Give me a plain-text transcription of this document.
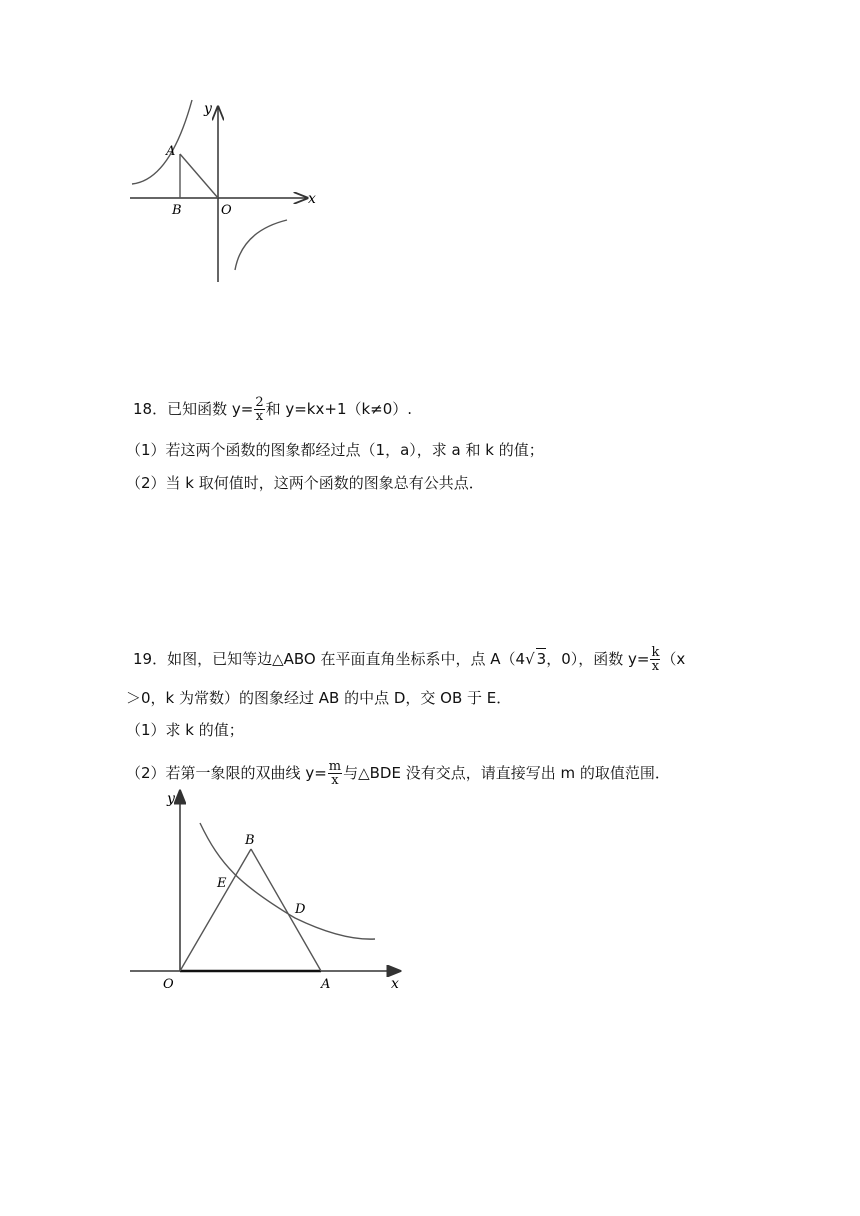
y
x
A
B	O
18．已知函数 $y= \frac{2}{x}$ 和 y=kx+1（k≠0）.
（1）若这两个函数的图象都经过点（1，a），求 a 和 k 的值；
（2）当 k 取何值时，这两个函数的图象总有公共点．
19．如图，已知等边△ABO 在平面直角坐标系中，点 A（4√ 3，0），函数 $y= \frac{k}{x} (x$
＞0，k 为常数）的图象经过 AB 的中点 D，交 OB 于 E．
（1）求 k 的值；
（2）若第一象限的双曲线 $y= \frac{m}{x}$ 与△BDE 没有交点，请直接写出 m 的取值范围．
y
x
O	A
B
E
D
